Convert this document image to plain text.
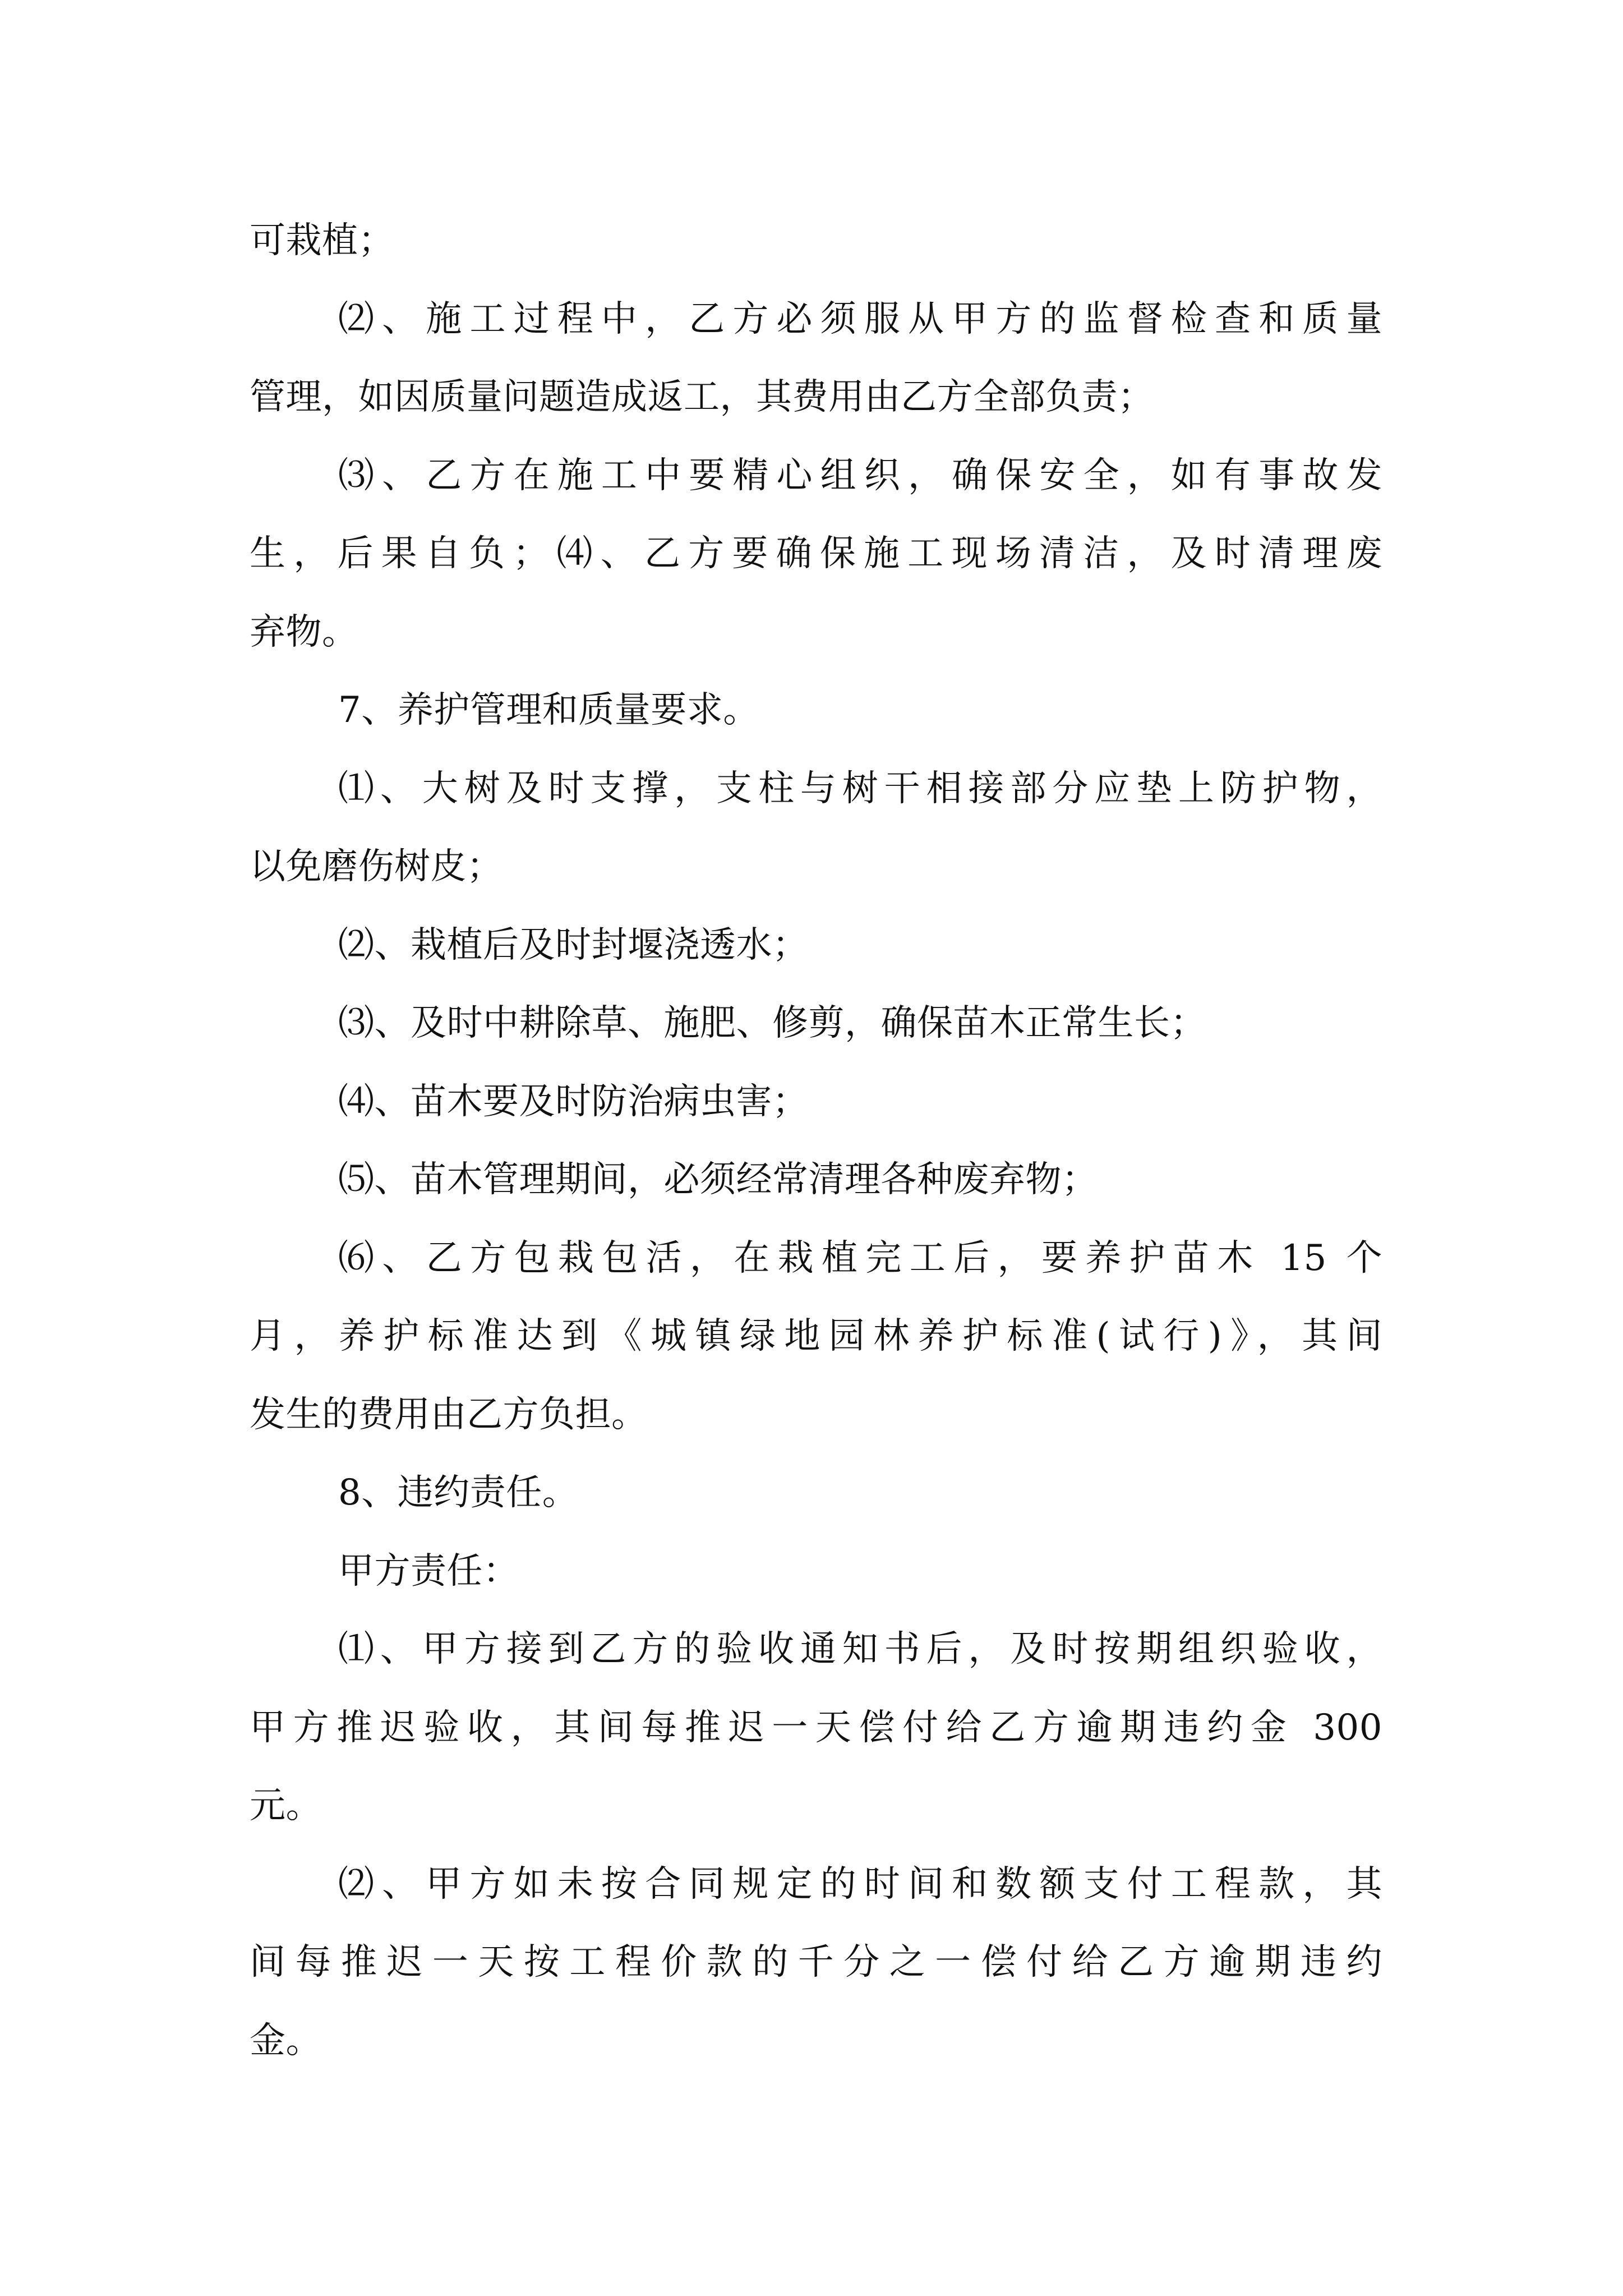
可栽植；
⑵、施工过程中，乙方必须服从甲方的监督检查和质量
管理，如因质量问题造成返工，其费用由乙方全部负责；
⑶、乙方在施工中要精心组织，确保安全，如有事故发
生，后果自负；⑷、乙方要确保施工现场清洁，及时清理废
弃物。
7、养护管理和质量要求。
⑴、大树及时支撑，支柱与树干相接部分应垫上防护物，
以免磨伤树皮；
⑵、栽植后及时封堰浇透水；
⑶、及时中耕除草、施肥、修剪，确保苗木正常生长；
⑷、苗木要及时防治病虫害；
⑸、苗木管理期间，必须经常清理各种废弃物；
⑹、乙方包栽包活，在栽植完工后，要养护苗木 15 个
月，养护标准达到《城镇绿地园林养护标准(试行)》，其间
发生的费用由乙方负担。
8、违约责任。
甲方责任：
⑴、甲方接到乙方的验收通知书后，及时按期组织验收，
甲方推迟验收，其间每推迟一天偿付给乙方逾期违约金 300
元。
⑵、甲方如未按合同规定的时间和数额支付工程款，其
间每推迟一天按工程价款的千分之一偿付给乙方逾期违约
金。
